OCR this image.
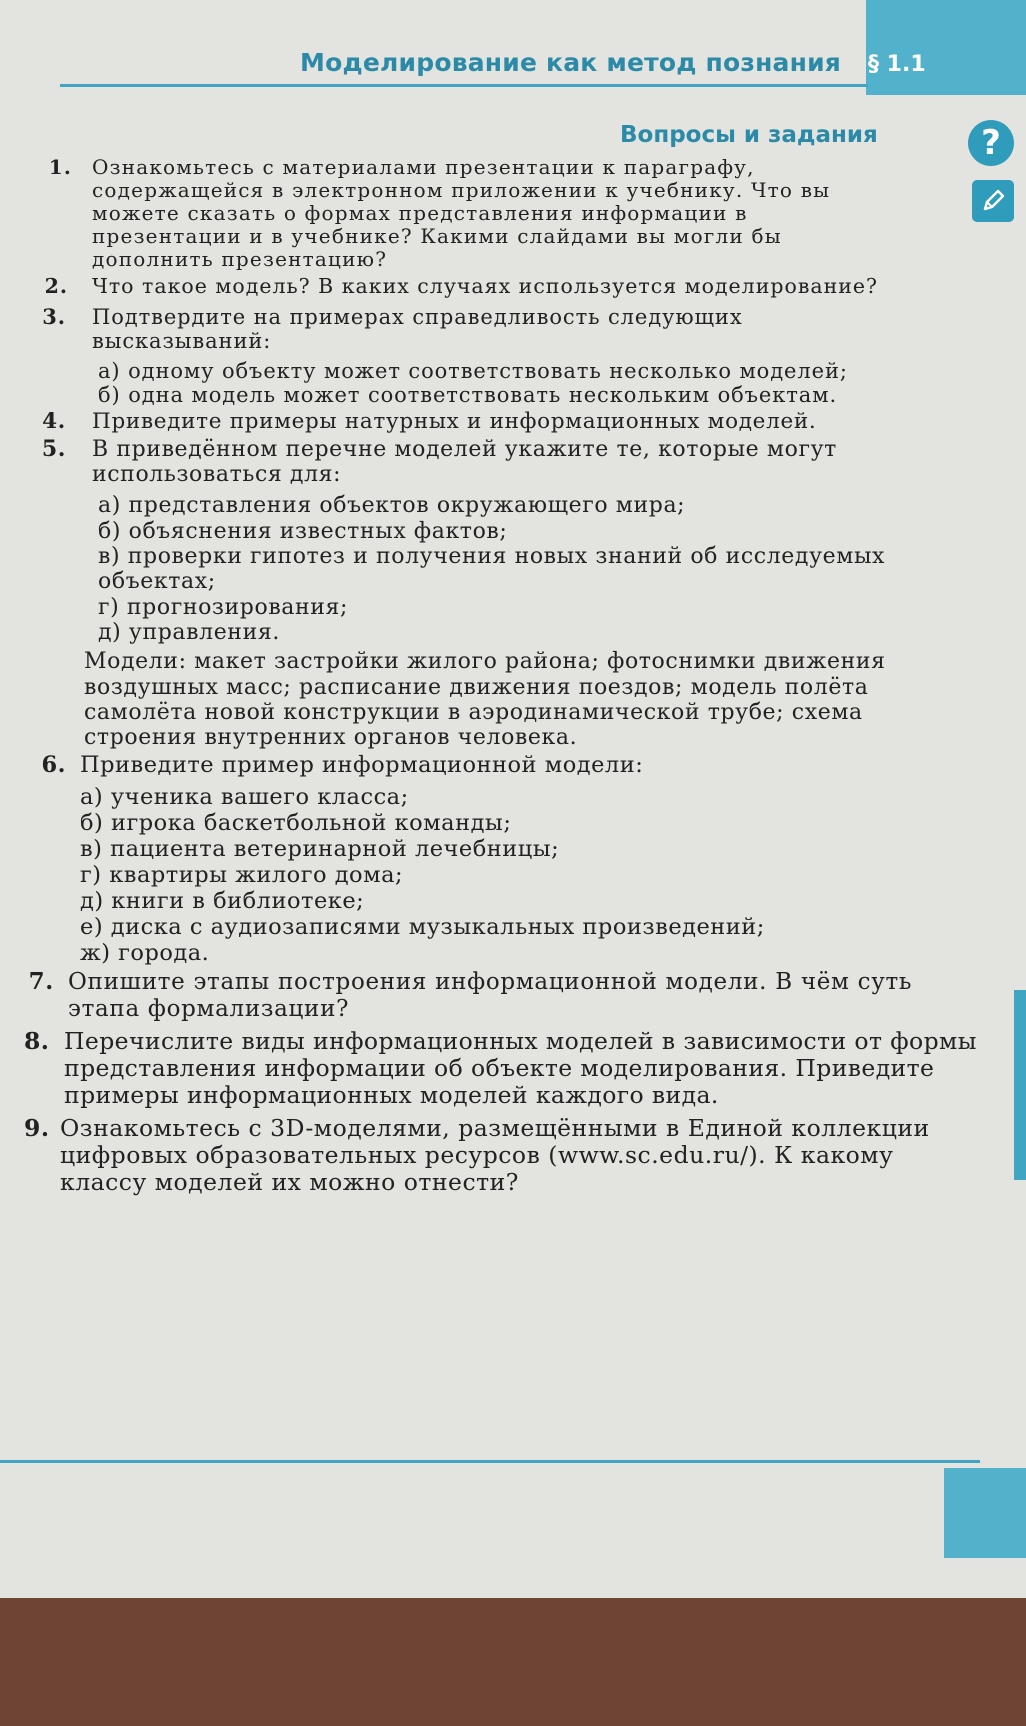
Моделирование как метод познания § 1.1
Вопросы и задания	?
1. Ознакомьтесь с материалами презентации к параграфу, содержащейся в электронном приложении к учебнику. Что вы можете сказать о формах представления информации в презентации и в учебнике? Какими слайдами вы могли бы дополнить презентацию?
2. Что такое модель? В каких случаях используется моделирование?
3. Подтвердите на примерах справедливость следующих высказываний:
а) одному объекту может соответствовать несколько моделей;
б) одна модель может соответствовать нескольким объектам.
4. Приведите примеры натурных и информационных моделей.
5. В приведённом перечне моделей укажите те, которые могут использоваться для:
а) представления объектов окружающего мира;
б) объяснения известных фактов;
в) проверки гипотез и получения новых знаний об исследуемых объектах;
г) прогнозирования;
д) управления.
Модели: макет застройки жилого района; фотоснимки движения воздушных масс; расписание движения поездов; модель полёта самолёта новой конструкции в аэродинамической трубе; схема строения внутренних органов человека.
6. Приведите пример информационной модели:
а) ученика вашего класса;
б) игрока баскетбольной команды;
в) пациента ветеринарной лечебницы;
г) квартиры жилого дома;
д) книги в библиотеке;
е) диска с аудиозаписями музыкальных произведений;
ж) города.
7. Опишите этапы построения информационной модели. В чём суть этапа формализации?
8. Перечислите виды информационных моделей в зависимости от формы представления информации об объекте моделирования. Приведите примеры информационных моделей каждого вида.
9. Ознакомьтесь с 3D-моделями, размещёнными в Единой коллекции цифровых образовательных ресурсов (www.sc.edu.ru/). К какому классу моделей их можно отнести?
